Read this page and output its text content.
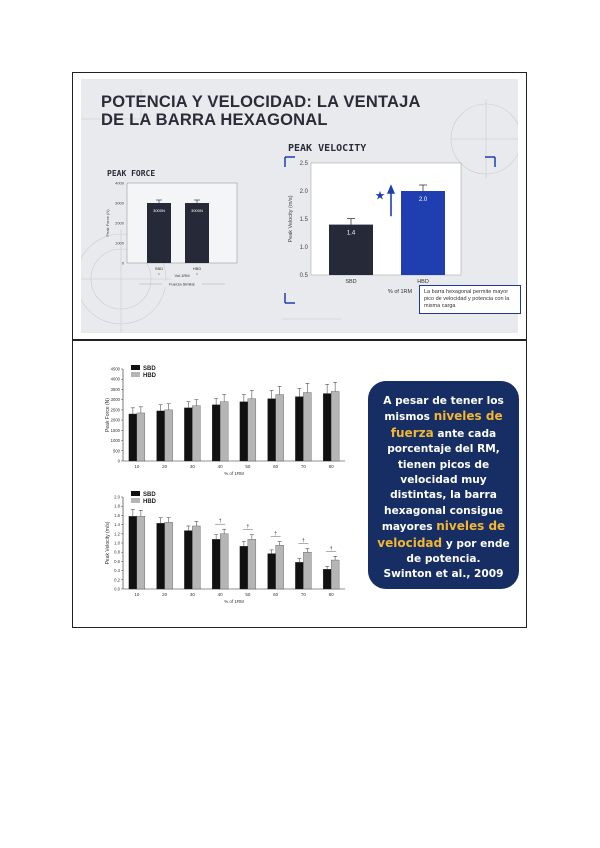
POTENCIA Y VELOCIDAD: LA VENTAJA
DE LA BARRA HEXAGONAL
PEAK FORCE
4000
3000
2000
1000
0
Peak Force (N)	3000N
SBD
•
3000N
HBD
•
Vol.1RM
Fuerza Similar
PEAK VELOCITY
2.5
2.0
1.5
1.0
0.5
Peak Velocity (m/s)	1.4
SBD
2.0
HBD
% of 1RM
★
La barra hexagonal permite mayor pico de velocidad y potencia con la misma carga
SBD
HBD
4500
4000
3500
3000
2500
2000
1500
1000
500
0
Peak Force (N)
10	20	30	40	50	60	70	80
% of 1RM
SBD
HBD
2.0
1.8
1.6
1.4
1.2
1.0
0.8
0.6
0.4
0.2
0.0
Peak Velocity (m/s)
10	20	30	40
†
50
†
60
†
70
†
80
†
% of 1RM
A pesar de tener los mismos niveles de fuerza ante cada porcentaje del RM, tienen picos de velocidad muy distintas, la barra hexagonal consigue mayores niveles de velocidad y por ende de potencia.
Swinton et al., 2009
